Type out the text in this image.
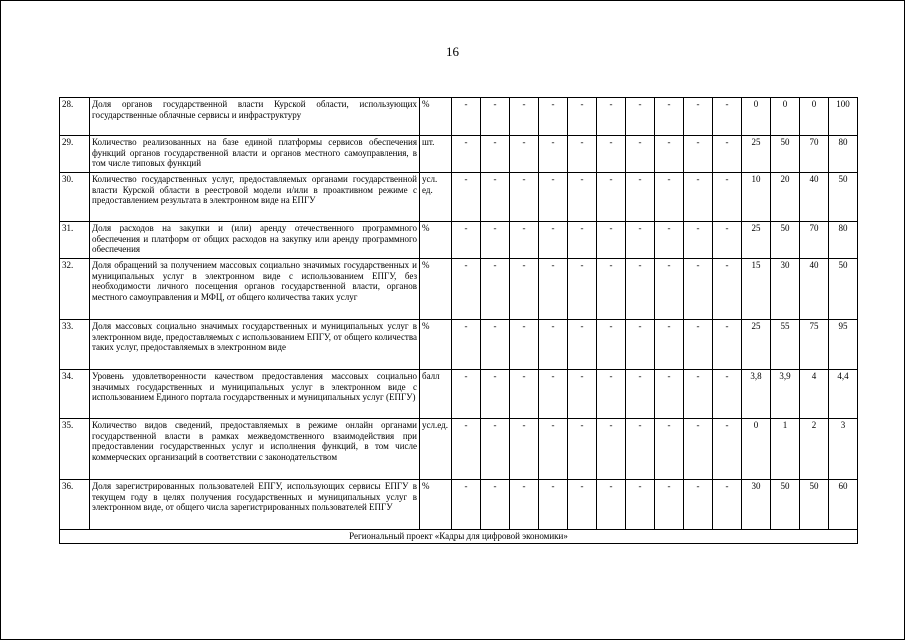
16
28.	Доля органов государственной власти Курской области, использующих государственные облачные сервисы и инфраструктуру	%	-	-	-	-	-	-	-	-	-	-	0	0	0	100
29.	Количество реализованных на базе единой платформы сервисов обеспечения функций органов государственной власти и органов местного самоуправления, в том числе типовых функций	шт.	-	-	-	-	-	-	-	-	-	-	25	50	70	80
30.	Количество государственных услуг, предоставляемых органами государственной власти Курской области в реестровой модели и/или в проактивном режиме с предоставлением результата в электронном виде на ЕПГУ	усл. ед.	-	-	-	-	-	-	-	-	-	-	10	20	40	50
31.	Доля расходов на закупки и (или) аренду отечественного программного обеспечения и платформ от общих расходов на закупку или аренду программного обеспечения	%	-	-	-	-	-	-	-	-	-	-	25	50	70	80
32.	Доля обращений за получением массовых социально значимых государственных и муниципальных услуг в электронном виде с использованием ЕПГУ, без необходимости личного посещения органов государственной власти, органов местного самоуправления и МФЦ, от общего количества таких услуг	%	-	-	-	-	-	-	-	-	-	-	15	30	40	50
33.	Доля массовых социально значимых государственных и муниципальных услуг в электронном виде, предоставляемых с использованием ЕПГУ, от общего количества таких услуг, предоставляемых в электронном виде	%	-	-	-	-	-	-	-	-	-	-	25	55	75	95
34.	Уровень удовлетворенности качеством предоставления массовых социально значимых государственных и муниципальных услуг в электронном виде с использованием Единого портала государственных и муниципальных услуг (ЕПГУ)	балл	-	-	-	-	-	-	-	-	-	-	3,8	3,9	4	4,4
35.	Количество видов сведений, предоставляемых в режиме онлайн органами государственной власти в рамках межведомственного взаимодействия при предоставлении государственных услуг и исполнения функций, в том числе коммерческих организаций в соответствии с законодательством	усл.ед.	-	-	-	-	-	-	-	-	-	-	0	1	2	3
36.	Доля зарегистрированных пользователей ЕПГУ, использующих сервисы ЕПГУ в текущем году в целях получения государственных и муниципальных услуг в электронном виде, от общего числа зарегистрированных пользователей ЕПГУ	%	-	-	-	-	-	-	-	-	-	-	30	50	50	60
Региональный проект «Кадры для цифровой экономики»																
